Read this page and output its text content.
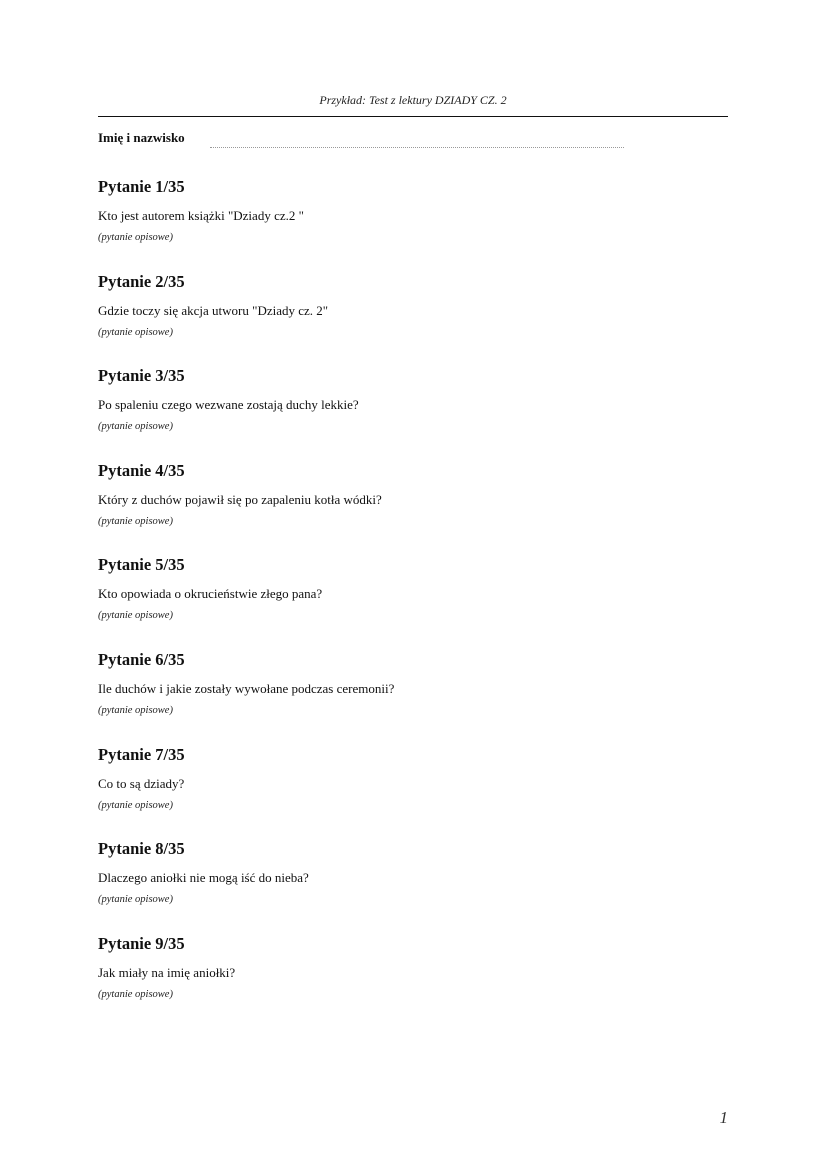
Przykład: Test z lektury DZIADY CZ. 2
Imię i nazwisko
Pytanie 1/35
Kto jest autorem książki "Dziady cz.2 "
(pytanie opisowe)
Pytanie 2/35
Gdzie toczy się akcja utworu "Dziady cz. 2"
(pytanie opisowe)
Pytanie 3/35
Po spaleniu czego wezwane zostają duchy lekkie?
(pytanie opisowe)
Pytanie 4/35
Który z duchów pojawił się po zapaleniu kotła wódki?
(pytanie opisowe)
Pytanie 5/35
Kto opowiada o okrucieństwie złego pana?
(pytanie opisowe)
Pytanie 6/35
Ile duchów i jakie zostały wywołane podczas ceremonii?
(pytanie opisowe)
Pytanie 7/35
Co to są dziady?
(pytanie opisowe)
Pytanie 8/35
Dlaczego aniołki nie mogą iść do nieba?
(pytanie opisowe)
Pytanie 9/35
Jak miały na imię aniołki?
(pytanie opisowe)
1
